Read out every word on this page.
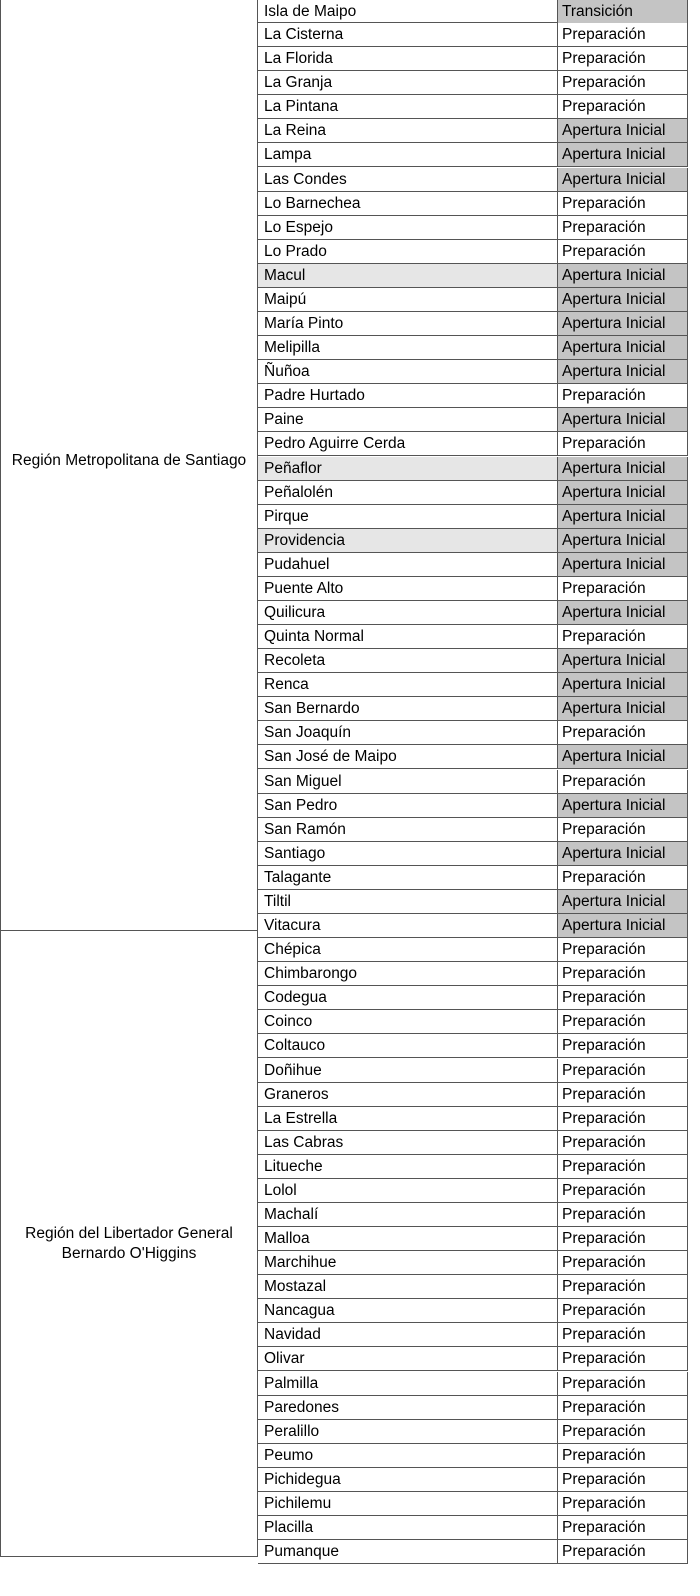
Región Metropolitana de Santiago
Isla de Maipo	Transición
La Cisterna	Preparación
La Florida	Preparación
La Granja	Preparación
La Pintana	Preparación
La Reina	Apertura Inicial
Lampa	Apertura Inicial
Las Condes	Apertura Inicial
Lo Barnechea	Preparación
Lo Espejo	Preparación
Lo Prado	Preparación
Macul	Apertura Inicial
Maipú	Apertura Inicial
María Pinto	Apertura Inicial
Melipilla	Apertura Inicial
Ñuñoa	Apertura Inicial
Padre Hurtado	Preparación
Paine	Apertura Inicial
Pedro Aguirre Cerda	Preparación
Peñaflor	Apertura Inicial
Peñalolén	Apertura Inicial
Pirque	Apertura Inicial
Providencia	Apertura Inicial
Pudahuel	Apertura Inicial
Puente Alto	Preparación
Quilicura	Apertura Inicial
Quinta Normal	Preparación
Recoleta	Apertura Inicial
Renca	Apertura Inicial
San Bernardo	Apertura Inicial
San Joaquín	Preparación
San José de Maipo	Apertura Inicial
San Miguel	Preparación
San Pedro	Apertura Inicial
San Ramón	Preparación
Santiago	Apertura Inicial
Talagante	Preparación
Tiltil	Apertura Inicial
Vitacura	Apertura Inicial
Región del Libertador General Bernardo O'Higgins
Chépica	Preparación
Chimbarongo	Preparación
Codegua	Preparación
Coinco	Preparación
Coltauco	Preparación
Doñihue	Preparación
Graneros	Preparación
La Estrella	Preparación
Las Cabras	Preparación
Litueche	Preparación
Lolol	Preparación
Machalí	Preparación
Malloa	Preparación
Marchihue	Preparación
Mostazal	Preparación
Nancagua	Preparación
Navidad	Preparación
Olivar	Preparación
Palmilla	Preparación
Paredones	Preparación
Peralillo	Preparación
Peumo	Preparación
Pichidegua	Preparación
Pichilemu	Preparación
Placilla	Preparación
Pumanque	Preparación
